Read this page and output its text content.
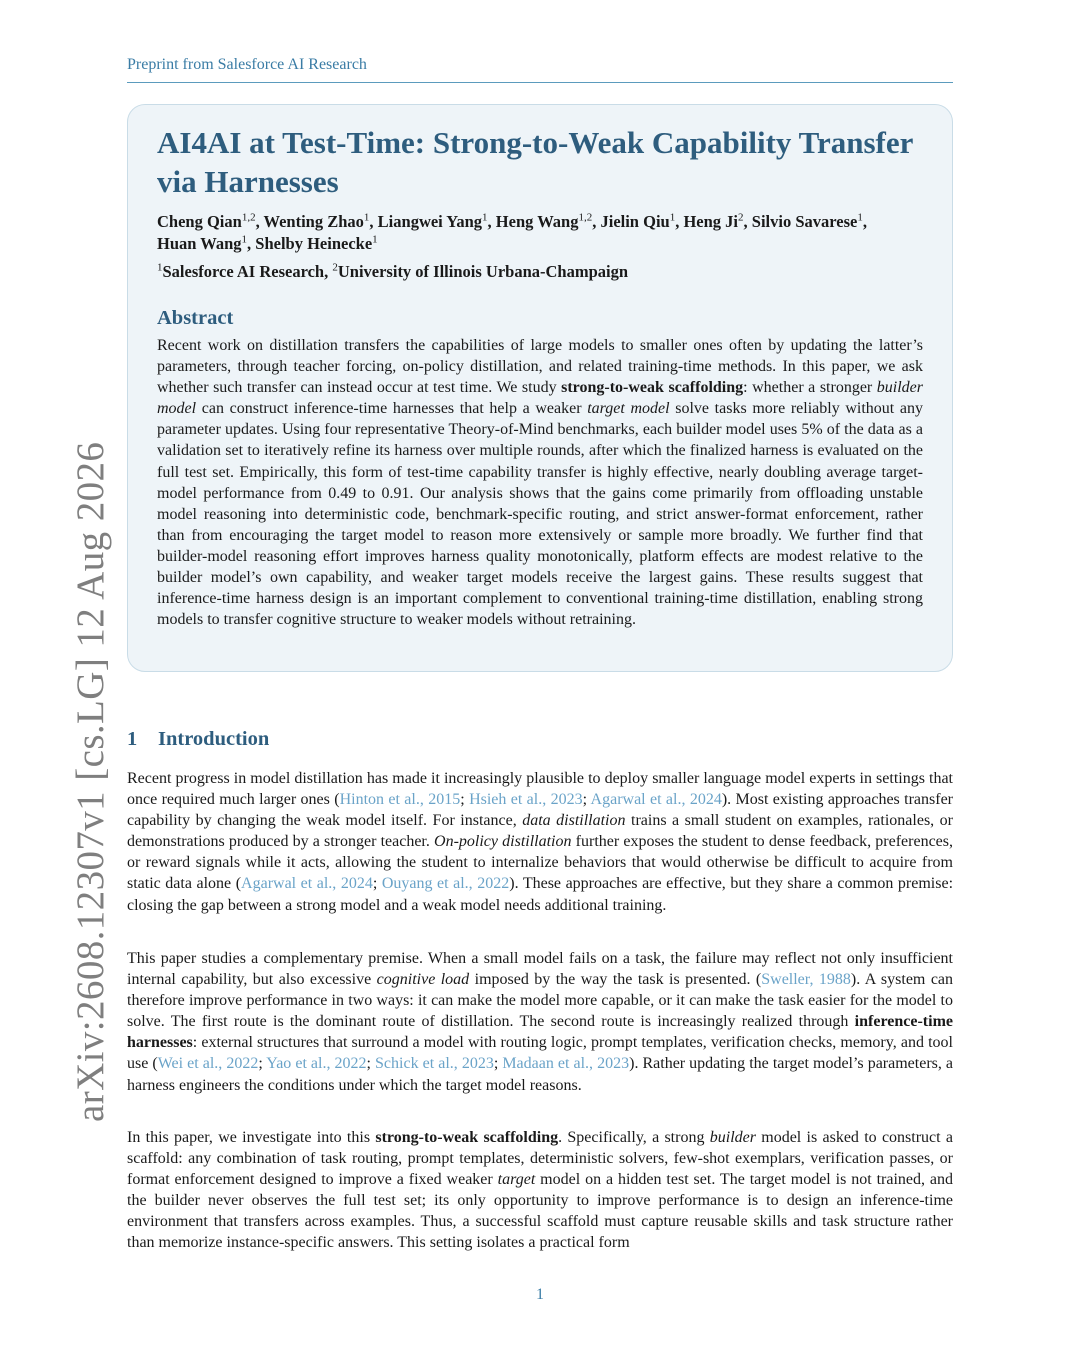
Preprint from Salesforce AI Research
arXiv:2608.12307v1 [cs.LG] 12 Aug 2026
AI4AI at Test-Time: Strong-to-Weak Capability Transfer
via Harnesses
Cheng Qian$^{1,2}$, Wenting Zhao$^1$, Liangwei Yang$^1$, Heng Wang$^{1,2}$, Jielin Qiu$^1$, Heng Ji$^2$, Silvio Savarese$^1$,
Huan Wang$^1$, Shelby Heinecke$^1$
$^1$Salesforce AI Research, $^2$University of Illinois Urbana-Champaign
Abstract
Recent work on distillation transfers the capabilities of large models to smaller ones often by updating the latter’s parameters, through teacher forcing, on-policy distillation, and related training-time methods. In this paper, we ask whether such transfer can instead occur at test time. We study strong-to-weak scaffolding: whether a stronger builder model can construct inference-time harnesses that help a weaker target model solve tasks more reliably without any parameter updates. Using four representative Theory-of-Mind benchmarks, each builder model uses 5% of the data as a validation set to iteratively refine its harness over multiple rounds, after which the finalized harness is evaluated on the full test set. Empirically, this form of test-time capability transfer is highly effective, nearly doubling average target-model performance from 0.49 to 0.91. Our analysis shows that the gains come primarily from offloading unstable model reasoning into deterministic code, benchmark-specific routing, and strict answer-format enforcement, rather than from encouraging the target model to reason more extensively or sample more broadly. We further find that builder-model reasoning effort improves harness quality monotonically, platform effects are modest relative to the builder model’s own capability, and weaker target models receive the largest gains. These results suggest that inference-time harness design is an important complement to conventional training-time distillation, enabling strong models to transfer cognitive structure to weaker models without retraining.
1 Introduction

Recent progress in model distillation has made it increasingly plausible to deploy smaller language model experts in settings that once required much larger ones (Hinton et al., 2015; Hsieh et al., 2023; Agarwal et al., 2024). Most existing approaches transfer capability by changing the weak model itself. For instance, data distillation trains a small student on examples, rationales, or demonstrations produced by a stronger teacher. On-policy distillation further exposes the student to dense feedback, preferences, or reward signals while it acts, allowing the student to internalize behaviors that would otherwise be difficult to acquire from static data alone (Agarwal et al., 2024; Ouyang et al., 2022). These approaches are effective, but they share a common premise: closing the gap between a strong model and a weak model needs additional training.

This paper studies a complementary premise. When a small model fails on a task, the failure may reflect not only insufficient internal capability, but also excessive cognitive load imposed by the way the task is presented. (Sweller, 1988). A system can therefore improve performance in two ways: it can make the model more capable, or it can make the task easier for the model to solve. The first route is the dominant route of distillation. The second route is increasingly realized through inference-time harnesses: external structures that surround a model with routing logic, prompt templates, verification checks, memory, and tool use (Wei et al., 2022; Yao et al., 2022; Schick et al., 2023; Madaan et al., 2023). Rather updating the target model’s parameters, a harness engineers the conditions under which the target model reasons.

In this paper, we investigate into this strong-to-weak scaffolding. Specifically, a strong builder model is asked to construct a scaffold: any combination of task routing, prompt templates, deterministic solvers, few-shot exemplars, verification passes, or format enforcement designed to improve a fixed weaker target model on a hidden test set. The target model is not trained, and the builder never observes the full test set; its only opportunity to improve performance is to design an inference-time environment that transfers across examples. Thus, a successful scaffold must capture reusable skills and task structure rather than memorize instance-specific answers. This setting isolates a practical form

1
